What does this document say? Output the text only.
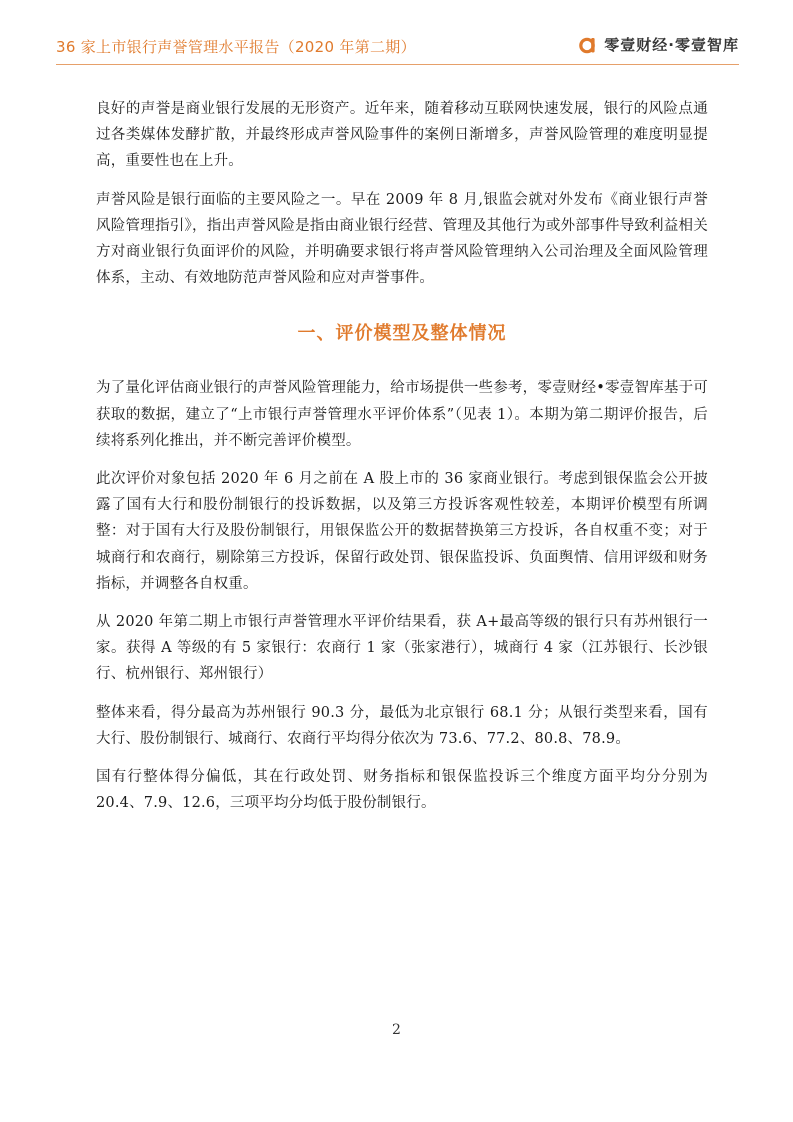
36 家上市银行声誉管理水平报告（2020 年第二期）	零壹财经·零壹智库

良好的声誉是商业银行发展的无形资产。近年来，随着移动互联网快速发展，银行的风险点通过各类媒体发酵扩散，并最终形成声誉风险事件的案例日渐增多，声誉风险管理的难度明显提高，重要性也在上升。

声誉风险是银行面临的主要风险之一。早在 2009 年 8 月,银监会就对外发布《商业银行声誉风险管理指引》，指出声誉风险是指由商业银行经营、管理及其他行为或外部事件导致利益相关方对商业银行负面评价的风险，并明确要求银行将声誉风险管理纳入公司治理及全面风险管理体系，主动、有效地防范声誉风险和应对声誉事件。

一、评价模型及整体情况

为了量化评估商业银行的声誉风险管理能力，给市场提供一些参考，零壹财经•零壹智库基于可获取的数据，建立了“上市银行声誉管理水平评价体系”（见表 1）。本期为第二期评价报告，后续将系列化推出，并不断完善评价模型。

此次评价对象包括 2020 年 6 月之前在 A 股上市的 36 家商业银行。考虑到银保监会公开披露了国有大行和股份制银行的投诉数据，以及第三方投诉客观性较差，本期评价模型有所调整：对于国有大行及股份制银行，用银保监公开的数据替换第三方投诉，各自权重不变；对于城商行和农商行，剔除第三方投诉，保留行政处罚、银保监投诉、负面舆情、信用评级和财务指标，并调整各自权重。

从 2020 年第二期上市银行声誉管理水平评价结果看，获 A+最高等级的银行只有苏州银行一家。获得 A 等级的有 5 家银行：农商行 1 家（张家港行），城商行 4 家（江苏银行、长沙银行、杭州银行、郑州银行）

整体来看，得分最高为苏州银行 90.3 分，最低为北京银行 68.1 分；从银行类型来看，国有大行、股份制银行、城商行、农商行平均得分依次为 73.6、77.2、80.8、78.9。

国有行整体得分偏低，其在行政处罚、财务指标和银保监投诉三个维度方面平均分分别为 20.4、7.9、12.6，三项平均分均低于股份制银行。

2
